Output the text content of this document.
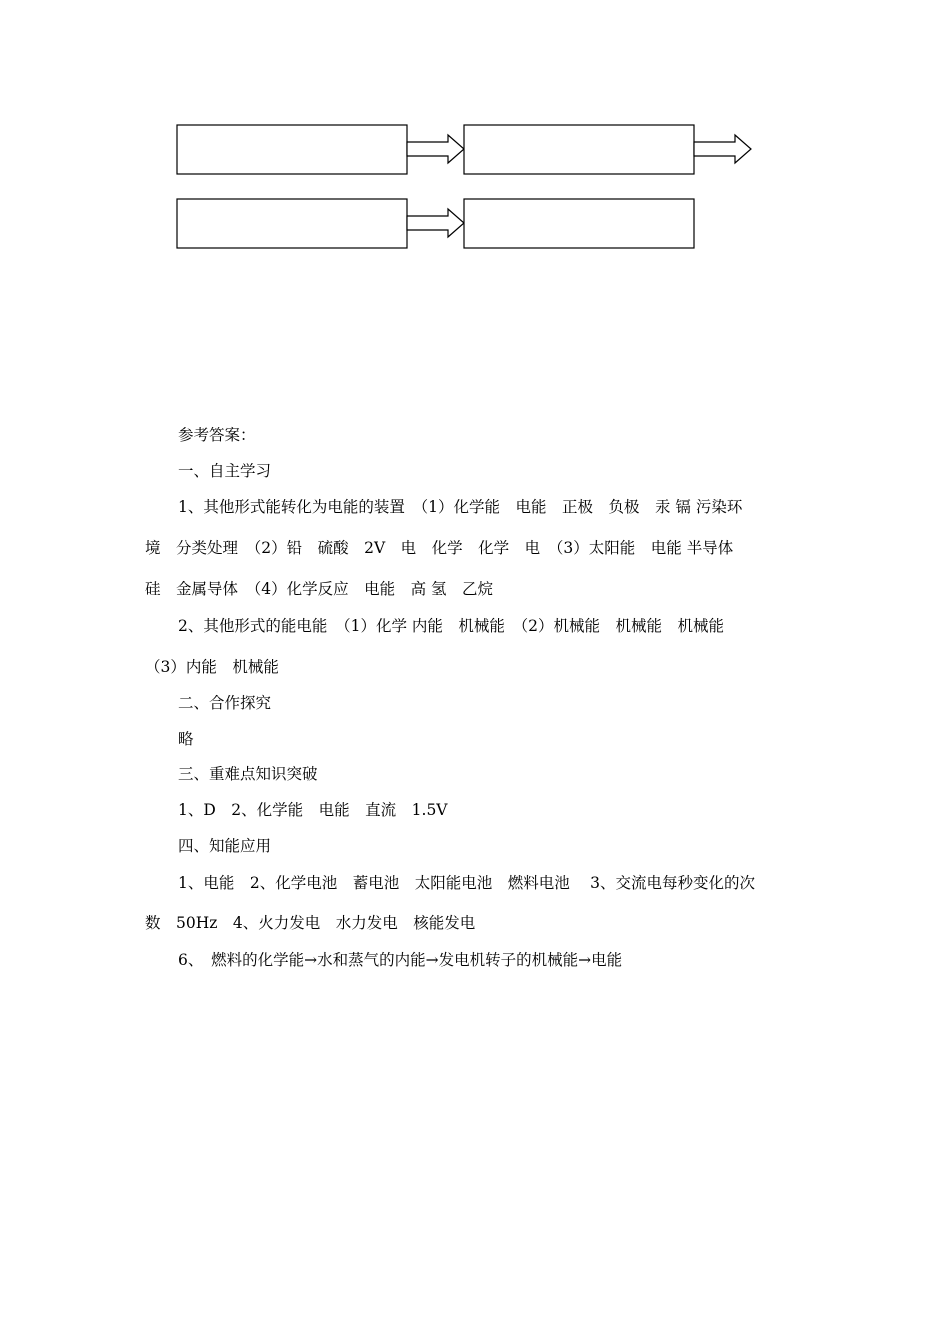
参考答案：
一、自主学习
1、其他形式能转化为电能的装置　（1）化学能　电能　正极　负极　汞 镉 污染环
境　分类处理　（2）铅　硫酸　2V　电　化学　化学　电　（3）太阳能　电能 半导体
硅　金属导体　（4）化学反应　电能　高 氢　乙烷
2、其他形式的能电能　（1）化学 内能　机械能　（2）机械能　机械能　机械能
（3）内能　机械能
二、合作探究
略
三、重难点知识突破
1、D　2、化学能　电能　直流　1.5V
四、知能应用
1、电能　2、化学电池　蓄电池　太阳能电池　燃料电池　 3、交流电每秒变化的次
数　50Hz　4、火力发电　水力发电　核能发电
6、　燃料的化学能→水和蒸气的内能→发电机转子的机械能→电能
